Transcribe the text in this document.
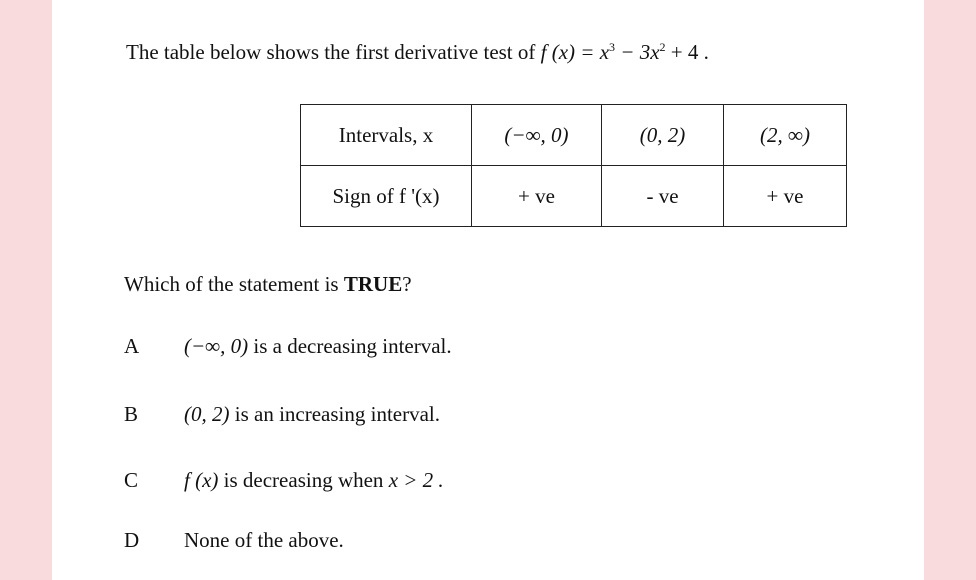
The table below shows the first derivative test of f $(x) = x^3 - 3x^2 + 4$ .
Intervals, x	(−∞, 0)	(0, 2)	(2, ∞)
Sign of f '(x)	+ ve	- ve	+ ve
Which of the statement is TRUE?
A (−∞, 0) is a decreasing interval.
B (0, 2) is an increasing interval.
C f (x) is decreasing when x > 2 .
D None of the above.
